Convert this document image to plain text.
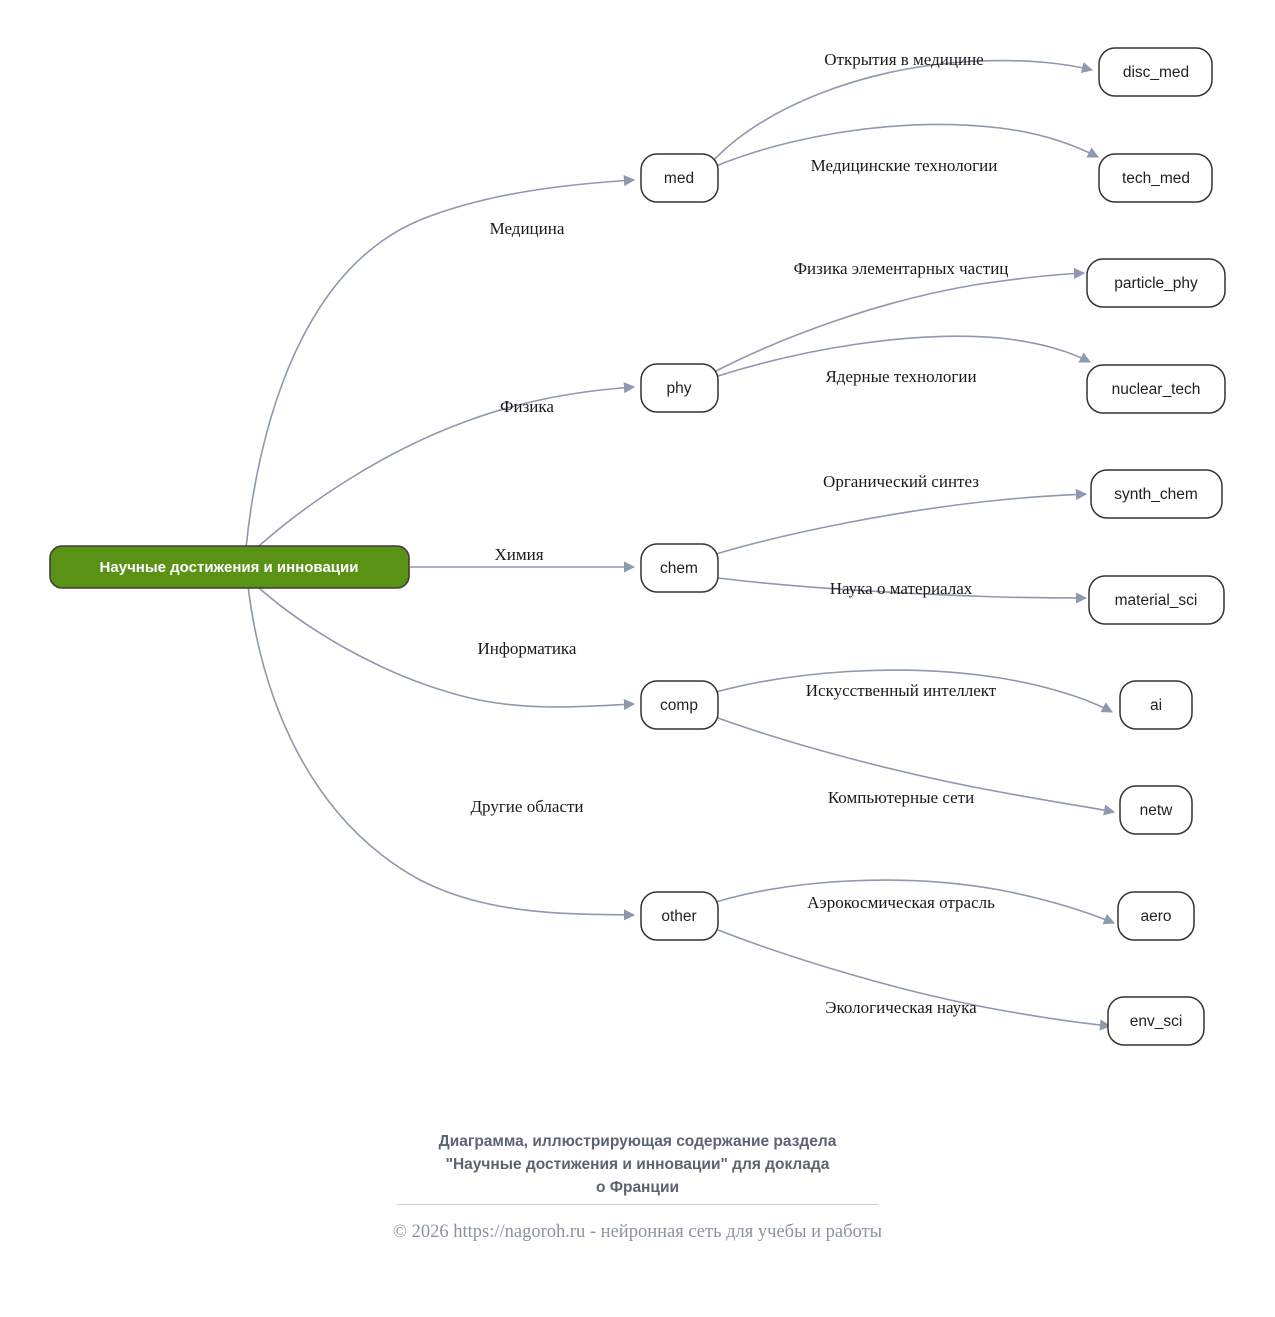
Медицина
Физика
Химия
Информатика
Другие области
Открытия в медицине
Медицинские технологии
Физика элементарных частиц
Ядерные технологии
Органический синтез
Наука о материалах
Искусственный интеллект
Компьютерные сети
Аэрокосмическая отрасль
Экологическая наука
Научные достижения и инновации
med
phy
chem
comp
other
disc_med
tech_med
particle_phy
nuclear_tech
synth_chem
material_sci
ai
netw
aero
env_sci
Диаграмма, иллюстрирующая содержание раздела
"Научные достижения и инновации" для доклада
о Франции
© 2026 https://nagoroh.ru - нейронная сеть для учебы и работы
